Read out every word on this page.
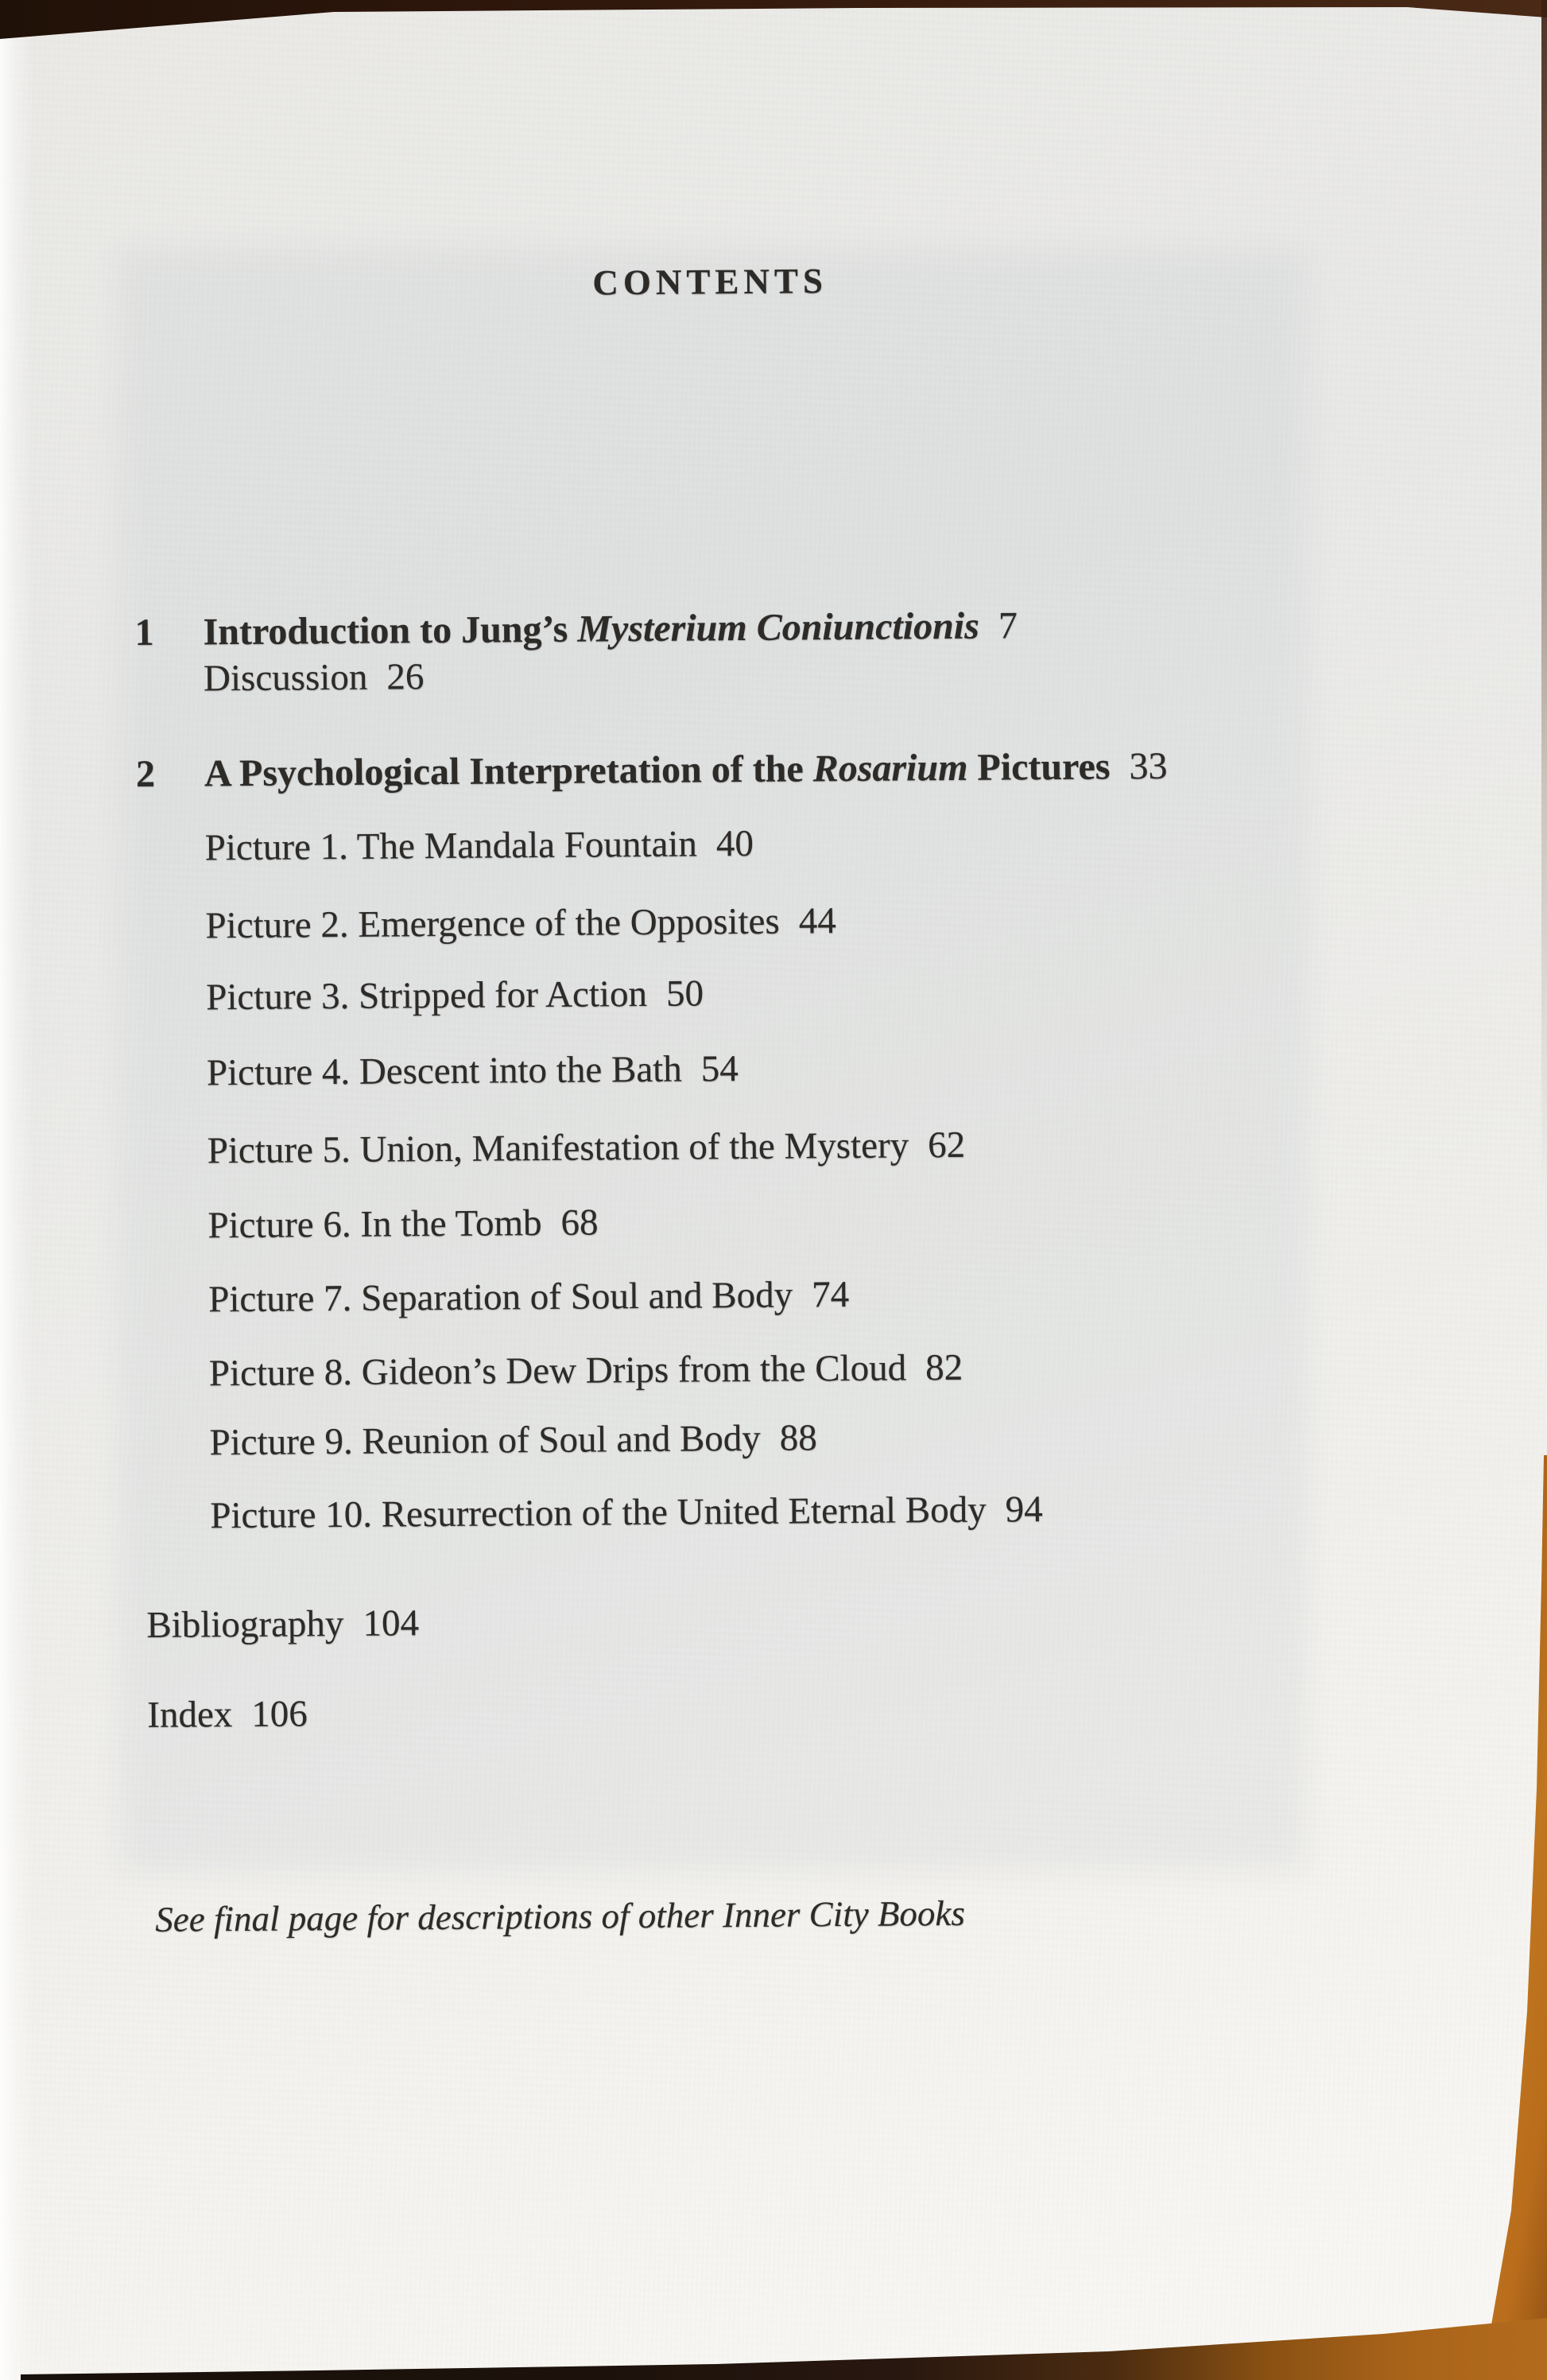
CONTENTS
1 Introduction to Jung’s Mysterium Coniunctionis 7
Discussion 26
2 A Psychological Interpretation of the Rosarium Pictures 33
Picture 1. The Mandala Fountain 40
Picture 2. Emergence of the Opposites 44
Picture 3. Stripped for Action 50
Picture 4. Descent into the Bath 54
Picture 5. Union, Manifestation of the Mystery 62
Picture 6. In the Tomb 68
Picture 7. Separation of Soul and Body 74
Picture 8. Gideon’s Dew Drips from the Cloud 82
Picture 9. Reunion of Soul and Body 88
Picture 10. Resurrection of the United Eternal Body 94
Bibliography 104
Index 106
See final page for descriptions of other Inner City Books
